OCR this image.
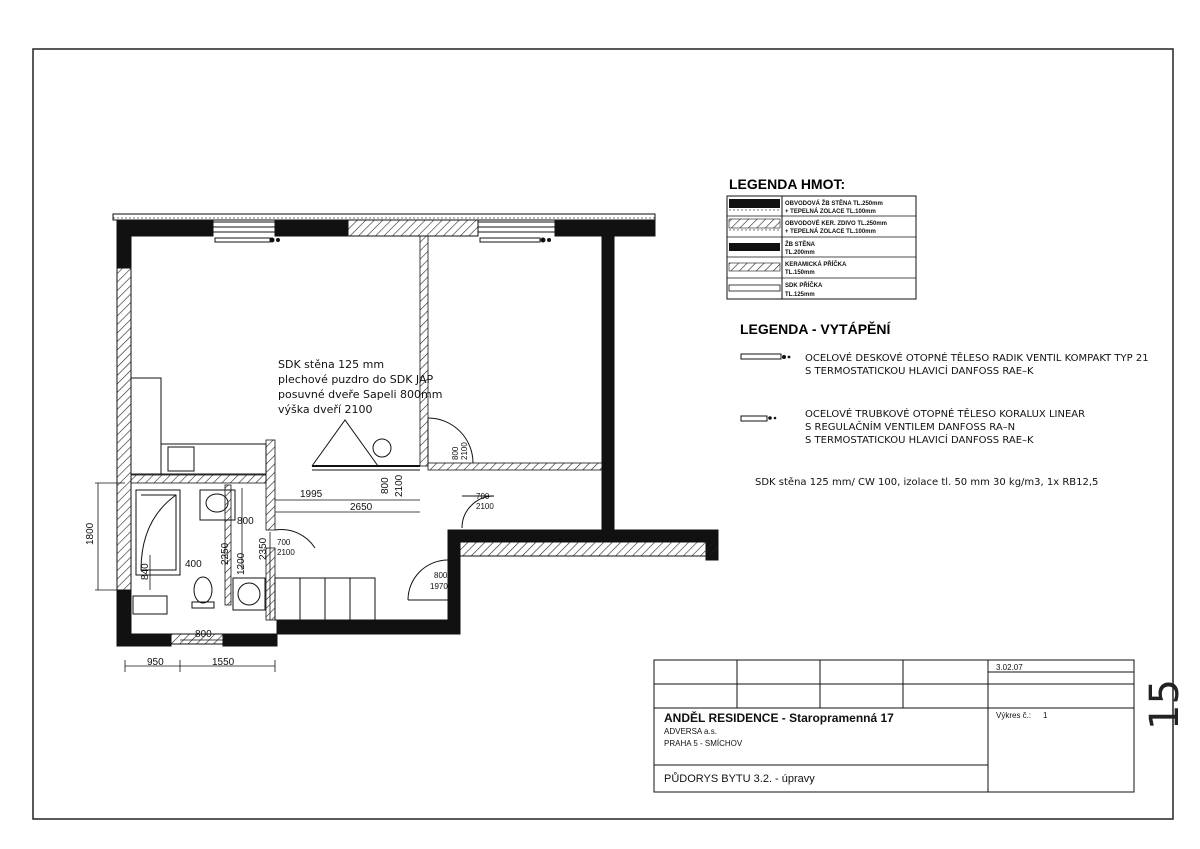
SDK stěna 125 mm
plechové puzdro do SDK JAP
posuvné dveře Sapeli 800mm
výška dveří 2100
1995
2650
2100
800
800 2100
700
2100
1800
840	400
800
2250 1200
700
2100
2350
800
1970
800
950	1550
LEGENDA HMOT:
OBVODOVÁ ŽB STĚNA TL.250mm
+ TEPELNÁ ZOLACE TL.100mm
OBVODOVÉ KER. ZDIVO TL.250mm
+ TEPELNÁ ZOLACE TL.100mm
ŽB STĚNA
TL.200mm
KERAMICKÁ PŘÍČKA
TL.150mm
SDK PŘÍČKA
TL.125mm
LEGENDA - VYTÁPĚNÍ
OCELOVÉ DESKOVÉ OTOPNÉ TĚLESO RADIK VENTIL KOMPAKT TYP 21
S TERMOSTATICKOU HLAVICÍ DANFOSS RAE–K
OCELOVÉ TRUBKOVÉ OTOPNÉ TĚLESO KORALUX LINEAR
S REGULAČNÍM VENTILEM DANFOSS RA–N
S TERMOSTATICKOU HLAVICÍ DANFOSS RAE–K
SDK stěna 125 mm/ CW 100, izolace tl. 50 mm 30 kg/m3, 1x RB12,5
3.02.07
ANDĚL RESIDENCE - Staropramenná 17
ADVERSA a.s.
PRAHA 5 - SMÍCHOV
Výkres č.: 1
PŮDORYS BYTU 3.2. - úpravy
15
